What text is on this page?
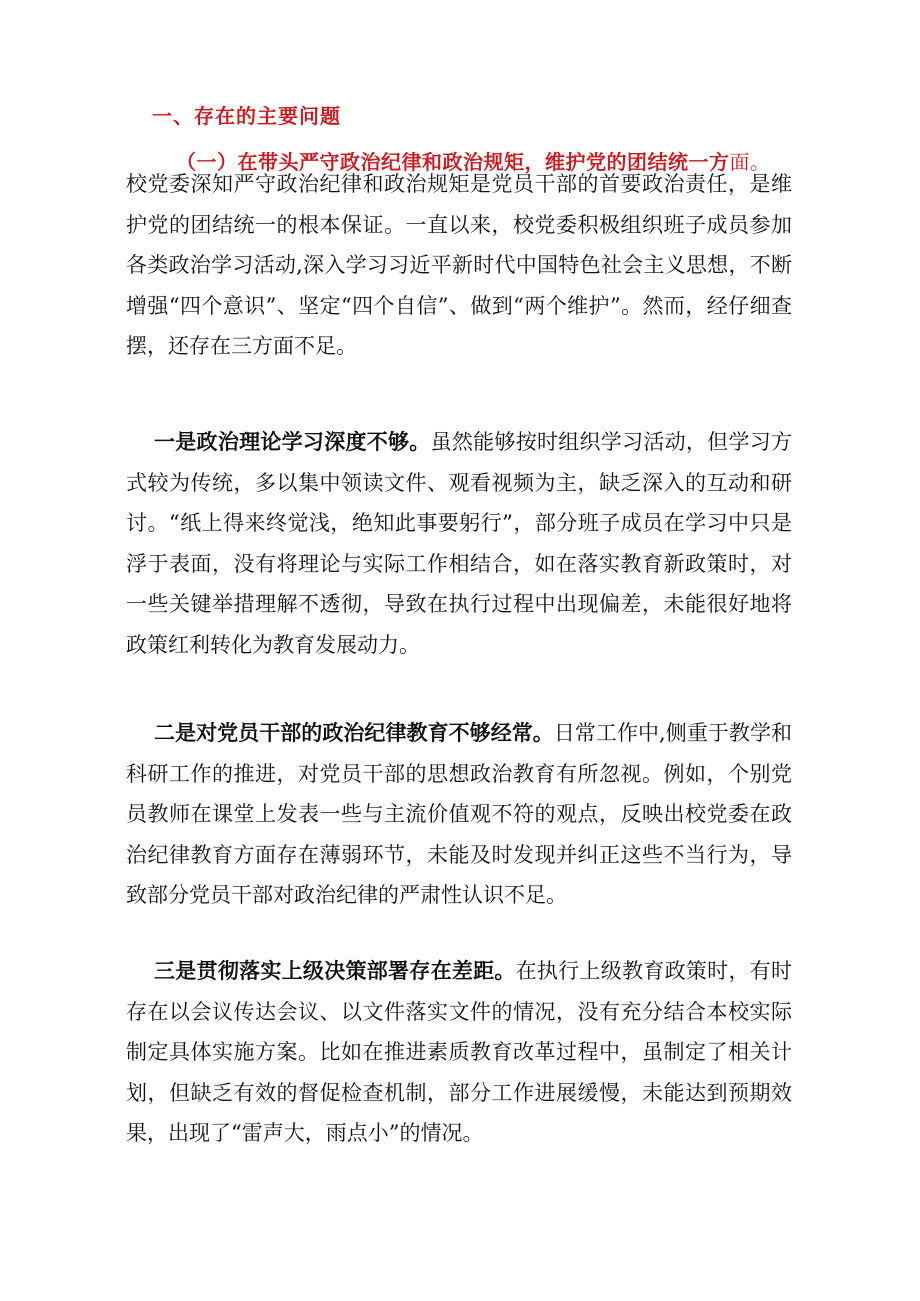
一、存在的主要问题
（一）在带头严守政治纪律和政治规矩，维护党的团结统一方面。

校党委深知严守政治纪律和政治规矩是党员干部的首要政治责任，是维护党的团结统一的根本保证。一直以来，校党委积极组织班子成员参加各类政治学习活动,深入学习习近平新时代中国特色社会主义思想，不断增强“四个意识”、坚定“四个自信”、做到“两个维护”。然而，经仔细查摆，还存在三方面不足。

一是政治理论学习深度不够。虽然能够按时组织学习活动，但学习方式较为传统，多以集中领读文件、观看视频为主，缺乏深入的互动和研讨。“纸上得来终觉浅，绝知此事要躬行”，部分班子成员在学习中只是浮于表面，没有将理论与实际工作相结合，如在落实教育新政策时，对一些关键举措理解不透彻，导致在执行过程中出现偏差，未能很好地将政策红利转化为教育发展动力。

二是对党员干部的政治纪律教育不够经常。日常工作中,侧重于教学和科研工作的推进，对党员干部的思想政治教育有所忽视。例如，个别党员教师在课堂上发表一些与主流价值观不符的观点，反映出校党委在政治纪律教育方面存在薄弱环节，未能及时发现并纠正这些不当行为，导致部分党员干部对政治纪律的严肃性认识不足。

三是贯彻落实上级决策部署存在差距。在执行上级教育政策时，有时存在以会议传达会议、以文件落实文件的情况，没有充分结合本校实际制定具体实施方案。比如在推进素质教育改革过程中，虽制定了相关计划，但缺乏有效的督促检查机制，部分工作进展缓慢，未能达到预期效果，出现了“雷声大，雨点小”的情况。
